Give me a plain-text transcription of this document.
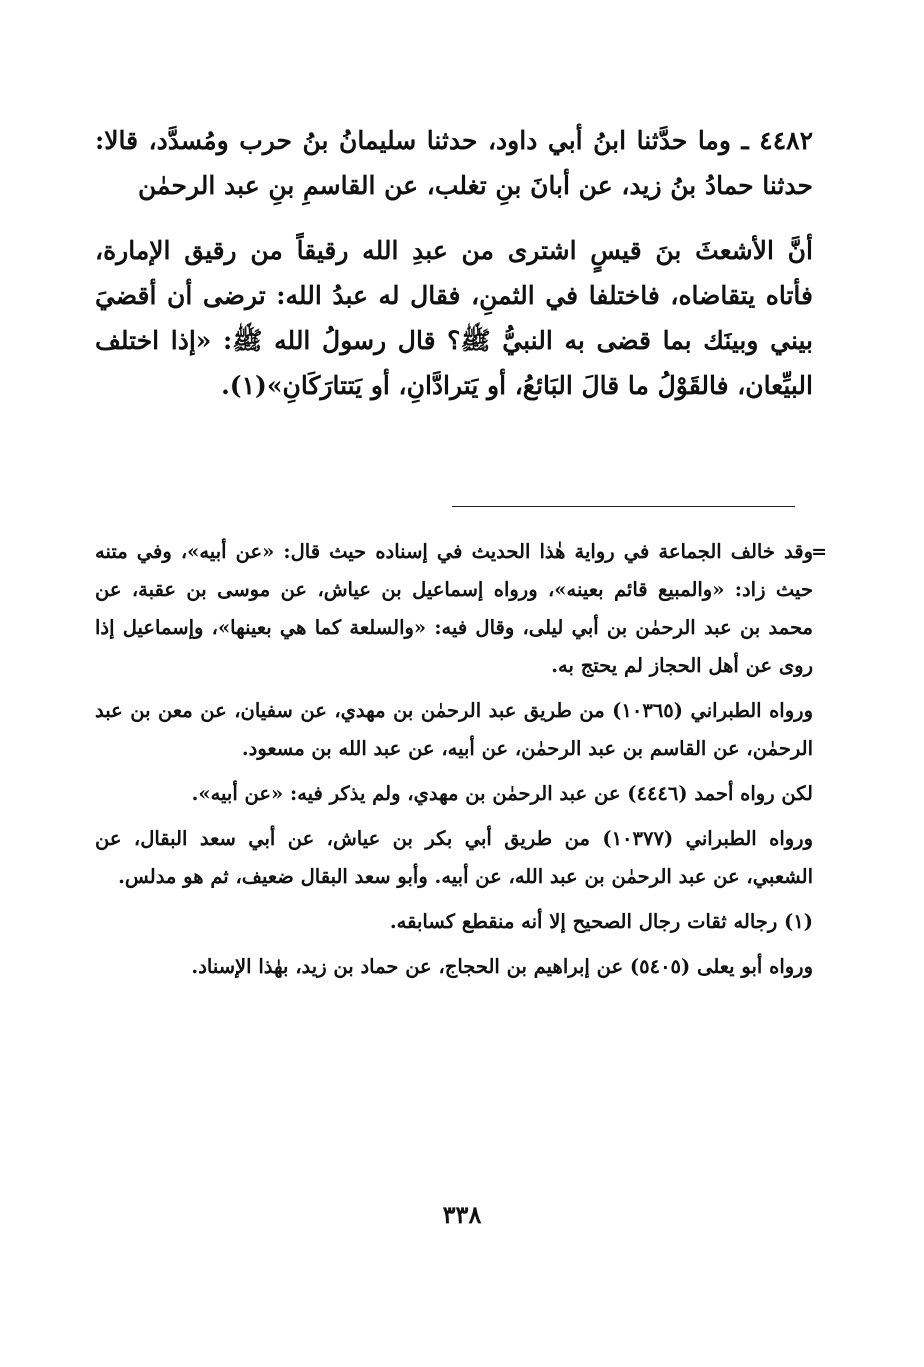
٤٤٨٢ ـ وما حدَّثنا ابنُ أبي داود، حدثنا سليمانُ بنُ حرب ومُسدَّد، قالا: حدثنا حمادُ بنُ زيد، عن أبانَ بنِ تغلب، عن القاسمِ بنِ عبد الرحمٰن

أنَّ الأشعثَ بنَ قيسٍ اشترى من عبدِ الله رقيقاً من رقيق الإمارة، فأتاه يتقاضاه، فاختلفا في الثمنِ، فقال له عبدُ الله: ترضى أن أقضيَ بيني وبينَك بما قضى به النبيُّ ﷺ؟ قال رسولُ الله ﷺ: «إذا اختلف البيِّعان، فالقَوْلُ ما قالَ البَائعُ، أو يَترادَّانِ، أو يَتتارَكَانِ»(١).

=
وقد خالف الجماعة في رواية هٰذا الحديث في إسناده حيث قال: «عن أبيه»، وفي متنه حيث زاد: «والمبيع قائم بعينه»، ورواه إسماعيل بن عياش، عن موسى بن عقبة، عن محمد بن عبد الرحمٰن بن أبي ليلى، وقال فيه: «والسلعة كما هي بعينها»، وإسماعيل إذا روى عن أهل الحجاز لم يحتج به.

ورواه الطبراني (١٠٣٦٥) من طريق عبد الرحمٰن بن مهدي، عن سفيان، عن معن بن عبد الرحمٰن، عن القاسم بن عبد الرحمٰن، عن أبيه، عن عبد الله بن مسعود.

لكن رواه أحمد (٤٤٤٦) عن عبد الرحمٰن بن مهدي، ولم يذكر فيه: «عن أبيه».

ورواه الطبراني (١٠٣٧٧) من طريق أبي بكر بن عياش، عن أبي سعد البقال، عن الشعبي، عن عبد الرحمٰن بن عبد الله، عن أبيه. وأبو سعد البقال ضعيف، ثم هو مدلس.

(١) رجاله ثقات رجال الصحيح إلا أنه منقطع كسابقه.

ورواه أبو يعلى (٥٤٠٥) عن إبراهيم بن الحجاج، عن حماد بن زيد، بهٰذا الإسناد.

٣٣٨
